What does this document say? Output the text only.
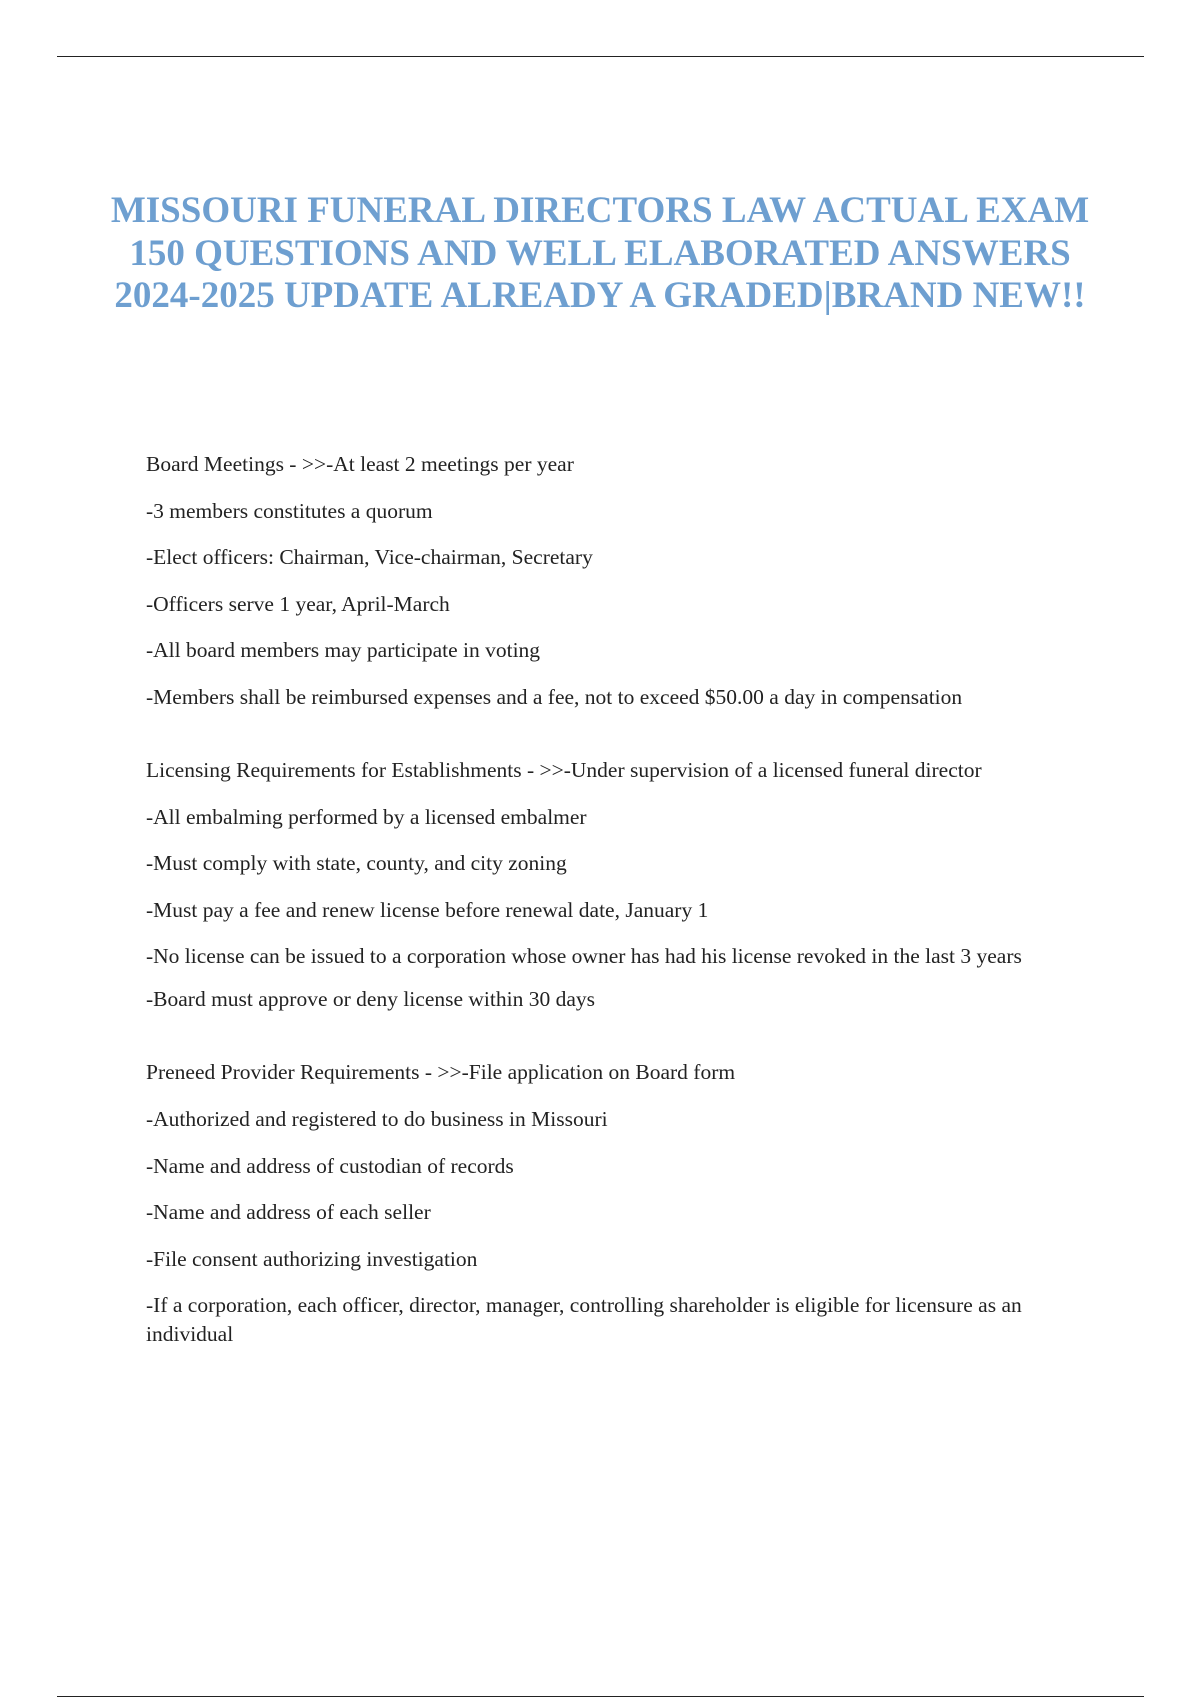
MISSOURI FUNERAL DIRECTORS LAW ACTUAL EXAM 150 QUESTIONS AND WELL ELABORATED ANSWERS 2024-2025 UPDATE ALREADY A GRADED|BRAND NEW!!

Board Meetings - >>-At least 2 meetings per year

-3 members constitutes a quorum

-Elect officers: Chairman, Vice-chairman, Secretary

-Officers serve 1 year, April-March

-All board members may participate in voting

-Members shall be reimbursed expenses and a fee, not to exceed $50.00 a day in compensation

Licensing Requirements for Establishments - >>-Under supervision of a licensed funeral director

-All embalming performed by a licensed embalmer

-Must comply with state, county, and city zoning

-Must pay a fee and renew license before renewal date, January 1

-No license can be issued to a corporation whose owner has had his license revoked in the last 3 years

-Board must approve or deny license within 30 days

Preneed Provider Requirements - >>-File application on Board form

-Authorized and registered to do business in Missouri

-Name and address of custodian of records

-Name and address of each seller

-File consent authorizing investigation

-If a corporation, each officer, director, manager, controlling shareholder is eligible for licensure as an individual
